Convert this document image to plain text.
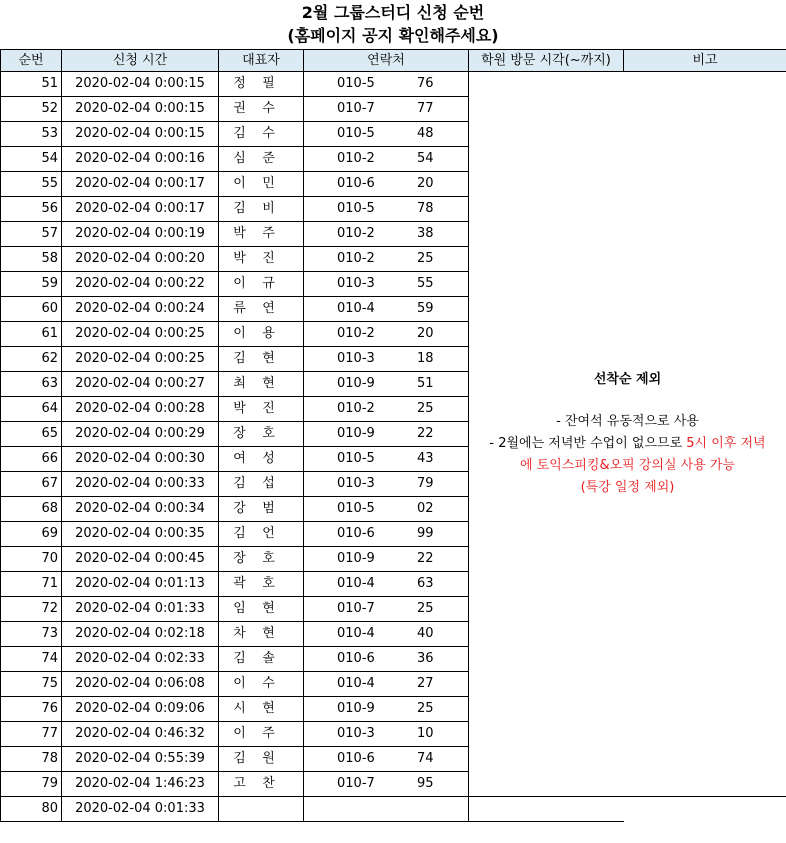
2월 그룹스터디 신청 순번
(홈페이지 공지 확인해주세요)
순번	신청 시간	대표자	연락처	학원 방문 시각(~까지)	비고
51	2020-02-04 0:00:15	정 필	010-5 76	선착순 제외
- 잔여석 유동적으로 사용
- 2월에는 저녁반 수업이 없으므로 5시 이후 저녁
에 토익스피킹&오픽 강의실 사용 가능
(특강 일정 제외)	

52	2020-02-04 0:00:15	권 수	010-7 77		
53	2020-02-04 0:00:15	김 수	010-5 48		
54	2020-02-04 0:00:16	심 준	010-2 54		
55	2020-02-04 0:00:17	이 민	010-6 20		
56	2020-02-04 0:00:17	김 비	010-5 78		
57	2020-02-04 0:00:19	박 주	010-2 38		
58	2020-02-04 0:00:20	박 진	010-2 25		
59	2020-02-04 0:00:22	이 규	010-3 55		
60	2020-02-04 0:00:24	류 연	010-4 59		
61	2020-02-04 0:00:25	이 용	010-2 20		
62	2020-02-04 0:00:25	김 현	010-3 18		
63	2020-02-04 0:00:27	최 현	010-9 51		
64	2020-02-04 0:00:28	박 진	010-2 25		
65	2020-02-04 0:00:29	장 호	010-9 22		
66	2020-02-04 0:00:30	여 성	010-5 43		
67	2020-02-04 0:00:33	김 섭	010-3 79		
68	2020-02-04 0:00:34	강 범	010-5 02		
69	2020-02-04 0:00:35	김 언	010-6 99		
70	2020-02-04 0:00:45	장 호	010-9 22		
71	2020-02-04 0:01:13	곽 호	010-4 63		
72	2020-02-04 0:01:33	임 현	010-7 25		
73	2020-02-04 0:02:18	차 현	010-4 40		
74	2020-02-04 0:02:33	김 솔	010-6 36		
75	2020-02-04 0:06:08	이 수	010-4 27		
76	2020-02-04 0:09:06	시 현	010-9 25		
77	2020-02-04 0:46:32	이 주	010-3 10		
78	2020-02-04 0:55:39	김 원	010-6 74		
79	2020-02-04 1:46:23	고 찬	010-7 95		
80	2020-02-04 0:01:33				
